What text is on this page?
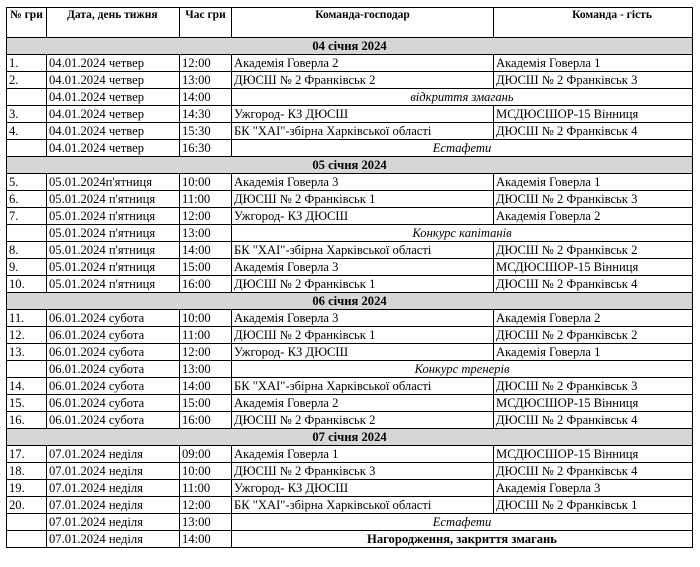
№ гри	Дата, день тижня	Час гри	Команда-господар	Команда - гість
04 січня 2024				
1.	04.01.2024 четвер	12:00	Академія Говерла 2	Академія Говерла 1
2.	04.01.2024 четвер	13:00	ДЮСШ № 2 Франківськ 2	ДЮСШ № 2 Франківськ 3
	04.01.2024 четвер	14:00	відкриття змагань	
3.	04.01.2024 четвер	14:30	Ужгород- КЗ ДЮСШ	МСДЮСШОР-15 Вінниця
4.	04.01.2024 четвер	15:30	БК "ХАІ"-збірна Харківської області	ДЮСШ № 2 Франківськ 4
	04.01.2024 четвер	16:30	Естафети	
05 січня 2024				
5.	05.01.2024п'ятниця	10:00	Академія Говерла 3	Академія Говерла 1
6.	05.01.2024 п'ятниця	11:00	ДЮСШ № 2 Франківськ 1	ДЮСШ № 2 Франківськ 3
7.	05.01.2024 п'ятниця	12:00	Ужгород- КЗ ДЮСШ	Академія Говерла 2
	05.01.2024 п'ятниця	13:00	Конкурс капітанів	
8.	05.01.2024 п'ятниця	14:00	БК "ХАІ"-збірна Харківської області	ДЮСШ № 2 Франківськ 2
9.	05.01.2024 п'ятниця	15:00	Академія Говерла 3	МСДЮСШОР-15 Вінниця
10.	05.01.2024 п'ятниця	16:00	ДЮСШ № 2 Франківськ 1	ДЮСШ № 2 Франківськ 4
06 січня 2024				
11.	06.01.2024 субота	10:00	Академія Говерла 3	Академія Говерла 2
12.	06.01.2024 субота	11:00	ДЮСШ № 2 Франківськ 1	ДЮСШ № 2 Франківськ 2
13.	06.01.2024 субота	12:00	Ужгород- КЗ ДЮСШ	Академія Говерла 1
	06.01.2024 субота	13:00	Конкурс тренерів	
14.	06.01.2024 субота	14:00	БК "ХАІ"-збірна Харківської області	ДЮСШ № 2 Франківськ 3
15.	06.01.2024 субота	15:00	Академія Говерла 2	МСДЮСШОР-15 Вінниця
16.	06.01.2024 субота	16:00	ДЮСШ № 2 Франківськ 2	ДЮСШ № 2 Франківськ 4
07 січня 2024				
17.	07.01.2024 неділя	09:00	Академія Говерла 1	МСДЮСШОР-15 Вінниця
18.	07.01.2024 неділя	10:00	ДЮСШ № 2 Франківськ 3	ДЮСШ № 2 Франківськ 4
19.	07.01.2024 неділя	11:00	Ужгород- КЗ ДЮСШ	Академія Говерла 3
20.	07.01.2024 неділя	12:00	БК "ХАІ"-збірна Харківської області	ДЮСШ № 2 Франківськ 1
	07.01.2024 неділя	13:00	Естафети	
	07.01.2024 неділя	14:00	Нагородження, закриття змагань	
